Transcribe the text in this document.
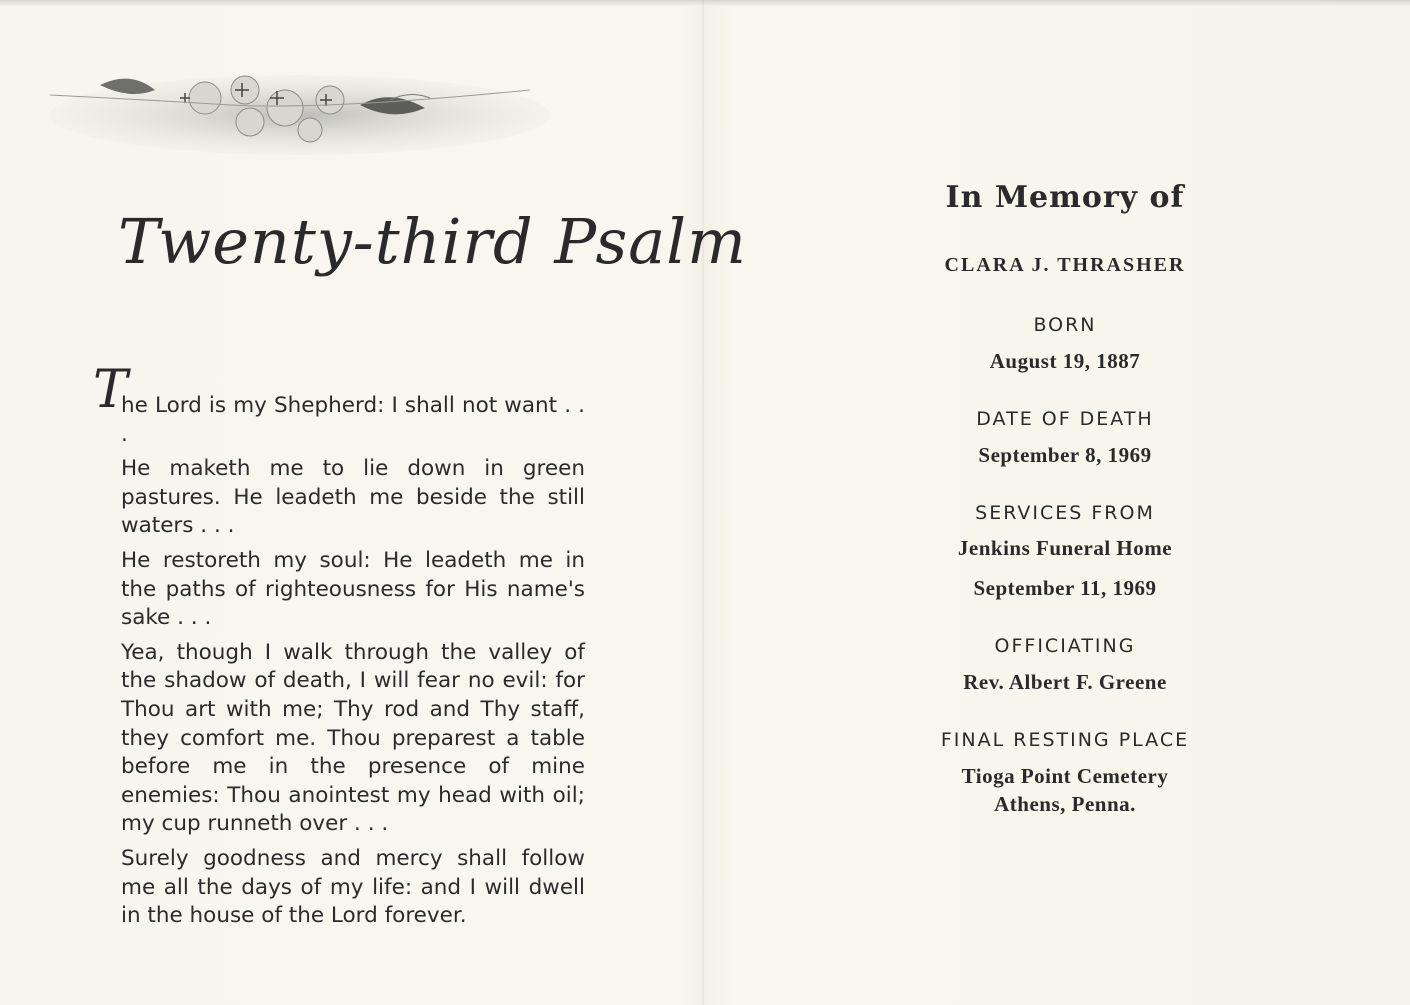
Twenty-third Psalm

T
he Lord is my Shepherd: I shall not want . . .

He maketh me to lie down in green pastures. He leadeth me beside the still waters . . .

He restoreth my soul: He leadeth me in the paths of righteousness for His name's sake . . .

Yea, though I walk through the valley of the shadow of death, I will fear no evil: for Thou art with me; Thy rod and Thy staff, they comfort me. Thou preparest a table before me in the presence of mine enemies: Thou anointest my head with oil; my cup runneth over . . .

Surely goodness and mercy shall follow me all the days of my life: and I will dwell in the house of the Lord forever.

In Memory of
CLARA J. THRASHER
BORN
August 19, 1887
DATE OF DEATH
September 8, 1969
SERVICES FROM
Jenkins Funeral Home
September 11, 1969
OFFICIATING
Rev. Albert F. Greene
FINAL RESTING PLACE
Tioga Point Cemetery
Athens, Penna.
